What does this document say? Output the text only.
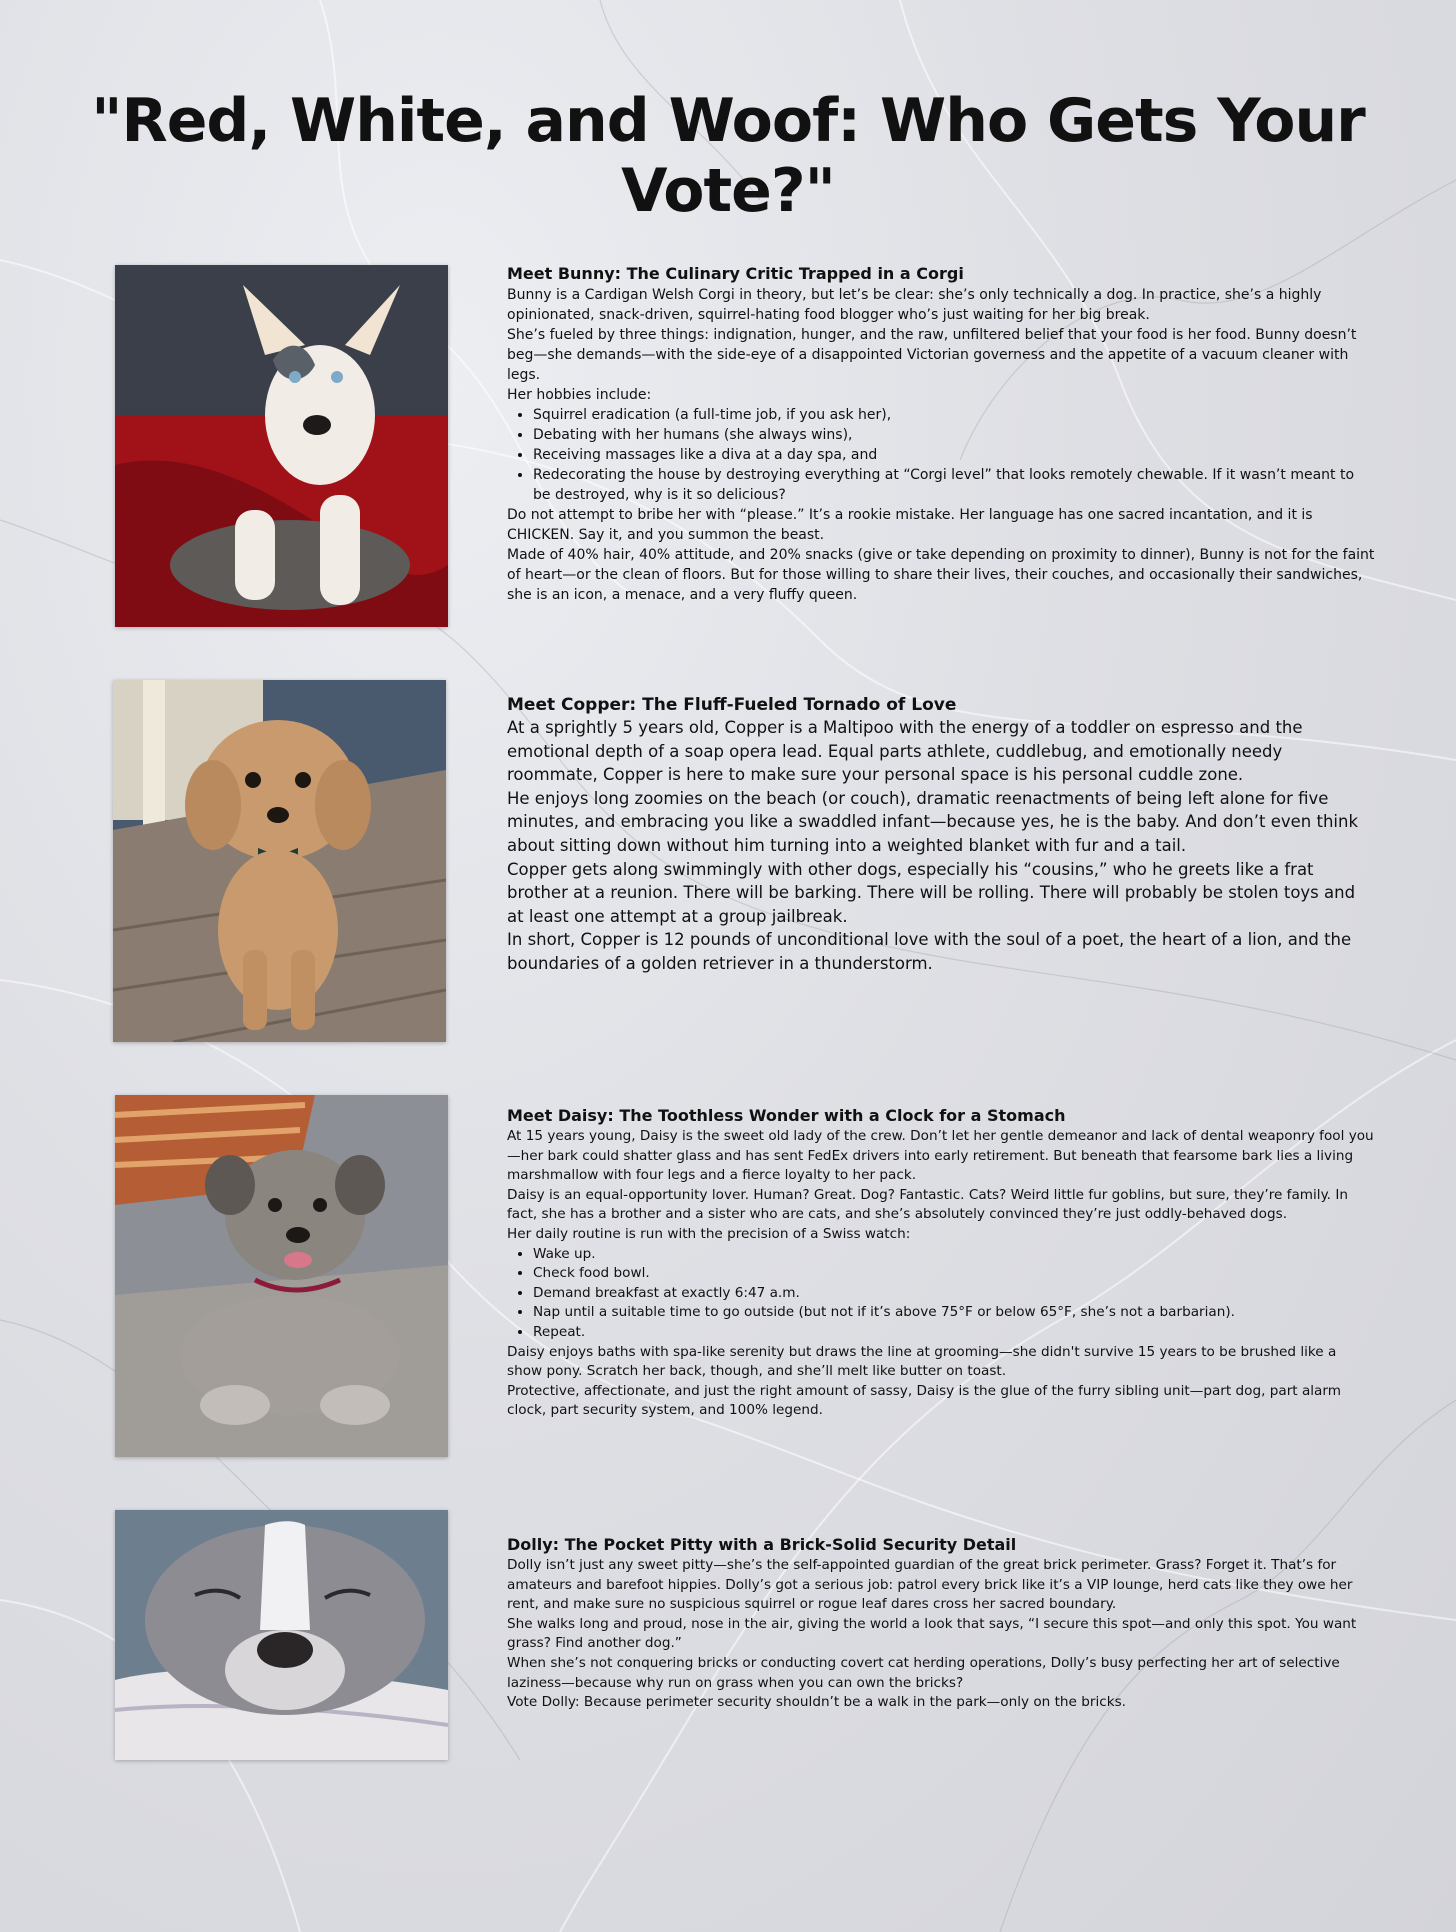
"Red, White, and Woof: Who Gets Your Vote?"
Meet Bunny: The Culinary Critic Trapped in a Corgi

Bunny is a Cardigan Welsh Corgi in theory, but let’s be clear: she’s only technically a dog. In practice, she’s a highly opinionated, snack-driven, squirrel-hating food blogger who’s just waiting for her big break.

She’s fueled by three things: indignation, hunger, and the raw, unfiltered belief that your food is her food. Bunny doesn’t beg—she demands—with the side-eye of a disappointed Victorian governess and the appetite of a vacuum cleaner with legs.

Her hobbies include:

• Squirrel eradication (a full-time job, if you ask her),
• Debating with her humans (she always wins),
• Receiving massages like a diva at a day spa, and
• Redecorating the house by destroying everything at “Corgi level” that looks remotely chewable. If it wasn’t meant to be destroyed, why is it so delicious?

Do not attempt to bribe her with “please.” It’s a rookie mistake. Her language has one sacred incantation, and it is CHICKEN. Say it, and you summon the beast.

Made of 40% hair, 40% attitude, and 20% snacks (give or take depending on proximity to dinner), Bunny is not for the faint of heart—or the clean of floors. But for those willing to share their lives, their couches, and occasionally their sandwiches, she is an icon, a menace, and a very fluffy queen.

Meet Copper: The Fluff-Fueled Tornado of Love

At a sprightly 5 years old, Copper is a Maltipoo with the energy of a toddler on espresso and the emotional depth of a soap opera lead. Equal parts athlete, cuddlebug, and emotionally needy roommate, Copper is here to make sure your personal space is his personal cuddle zone.

He enjoys long zoomies on the beach (or couch), dramatic reenactments of being left alone for five minutes, and embracing you like a swaddled infant—because yes, he is the baby. And don’t even think about sitting down without him turning into a weighted blanket with fur and a tail.

Copper gets along swimmingly with other dogs, especially his “cousins,” who he greets like a frat brother at a reunion. There will be barking. There will be rolling. There will probably be stolen toys and at least one attempt at a group jailbreak.

In short, Copper is 12 pounds of unconditional love with the soul of a poet, the heart of a lion, and the boundaries of a golden retriever in a thunderstorm.

Meet Daisy: The Toothless Wonder with a Clock for a Stomach

At 15 years young, Daisy is the sweet old lady of the crew. Don’t let her gentle demeanor and lack of dental weaponry fool you—her bark could shatter glass and has sent FedEx drivers into early retirement. But beneath that fearsome bark lies a living marshmallow with four legs and a fierce loyalty to her pack.

Daisy is an equal-opportunity lover. Human? Great. Dog? Fantastic. Cats? Weird little fur goblins, but sure, they’re family. In fact, she has a brother and a sister who are cats, and she’s absolutely convinced they’re just oddly-behaved dogs.

Her daily routine is run with the precision of a Swiss watch:

• Wake up.
• Check food bowl.
• Demand breakfast at exactly 6:47 a.m.
• Nap until a suitable time to go outside (but not if it’s above 75°F or below 65°F, she’s not a barbarian).
• Repeat.

Daisy enjoys baths with spa-like serenity but draws the line at grooming—she didn't survive 15 years to be brushed like a show pony. Scratch her back, though, and she’ll melt like butter on toast.

Protective, affectionate, and just the right amount of sassy, Daisy is the glue of the furry sibling unit—part dog, part alarm clock, part security system, and 100% legend.

Dolly: The Pocket Pitty with a Brick-Solid Security Detail

Dolly isn’t just any sweet pitty—she’s the self-appointed guardian of the great brick perimeter. Grass? Forget it. That’s for amateurs and barefoot hippies. Dolly’s got a serious job: patrol every brick like it’s a VIP lounge, herd cats like they owe her rent, and make sure no suspicious squirrel or rogue leaf dares cross her sacred boundary.

She walks long and proud, nose in the air, giving the world a look that says, “I secure this spot—and only this spot. You want grass? Find another dog.”

When she’s not conquering bricks or conducting covert cat herding operations, Dolly’s busy perfecting her art of selective laziness—because why run on grass when you can own the bricks?

Vote Dolly: Because perimeter security shouldn’t be a walk in the park—only on the bricks.
